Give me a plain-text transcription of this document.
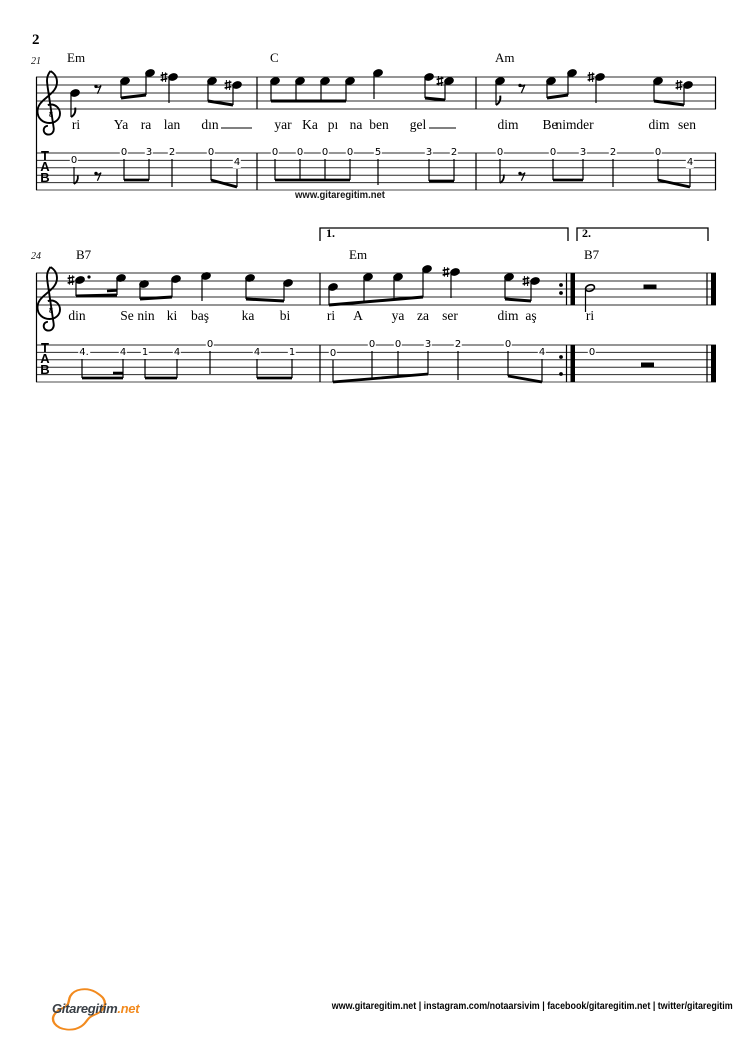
2
21 Em	C	Am
8
T
A
B
ri Ya ra lan dın	yar Ka pı na ben gel	dim Be
nim der	dim sen
0
0 3 2	0
4
0 0 0 0 5	3 2	0	0 3 2	0
4
www.gitaregitim.net
24	B7	Em	B7
1.	2.
8
T
A
B
din	Se nin ki baş ka bi	ri A ya za ser	dim aş	ri
4.	4 1	4
0
4	1	0
0 0 3 2	0
4	0
Gitaregitim.net	www.gitaregitim.net | instagram.com/notaarsivim | facebook/gitaregitim.net | twitter/gitaregitim
